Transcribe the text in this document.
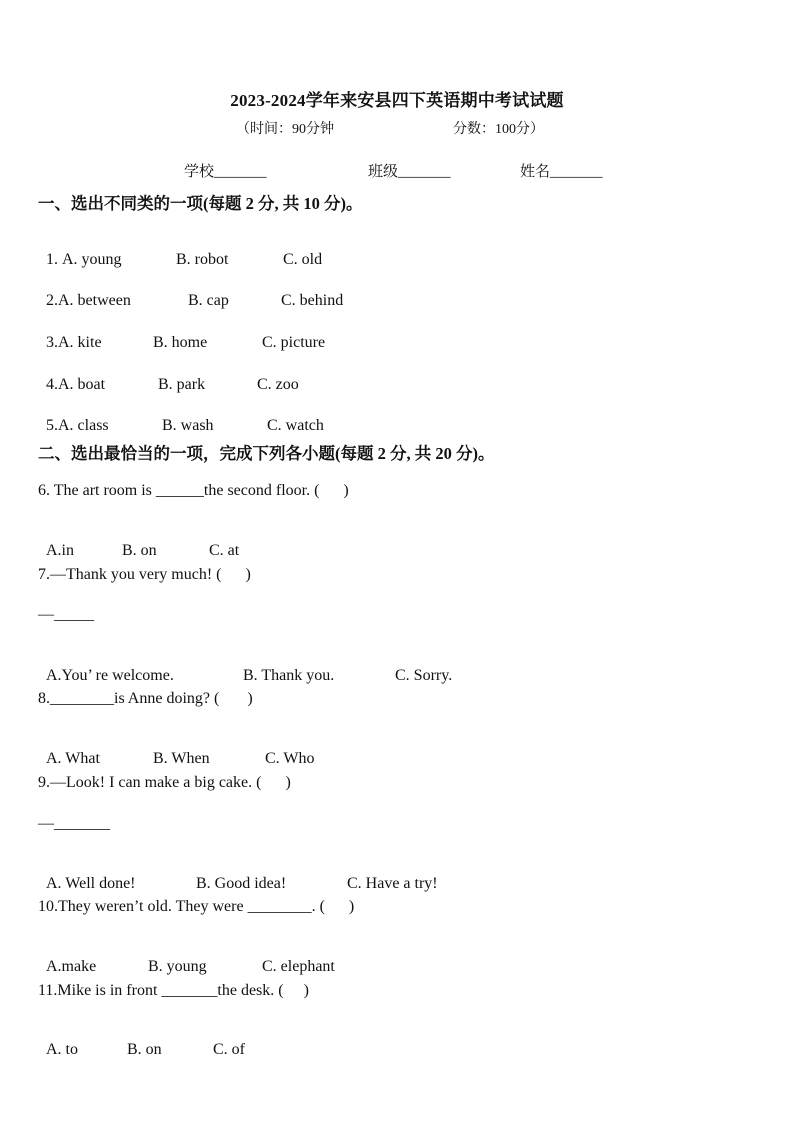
2023-2024学年来安县四下英语期中考试试题
（时间：90分钟	分数：100分）
学校_______	班级_______	姓名_______
一、选出不同类的一项(每题 2 分, 共 10 分)。

1. A. young	B. robot	C. old

2.A. between	B. cap	C. behind

3.A. kite	B. home	C. picture

4.A. boat	B. park	C. zoo

5.A. class	B. wash	C. watch

二、选出最恰当的一项，完成下列各小题(每题 2 分, 共 20 分)。
6. The art room is ______the second floor. (      )

A.in	B. on	C. at

7.—Thank you very much! (      )
—_____

A.You’ re welcome.	B. Thank you.	C. Sorry.

8.________is Anne doing? (       )

A. What	B. When	C. Who

9.—Look! I can make a big cake. (      )
—_______

A. Well done!	B. Good idea!	C. Have a try!

10.They weren’t old. They were ________. (      )

A.make	B. young	C. elephant

11.Mike is in front _______the desk. (     )

A. to	B. on	C. of
